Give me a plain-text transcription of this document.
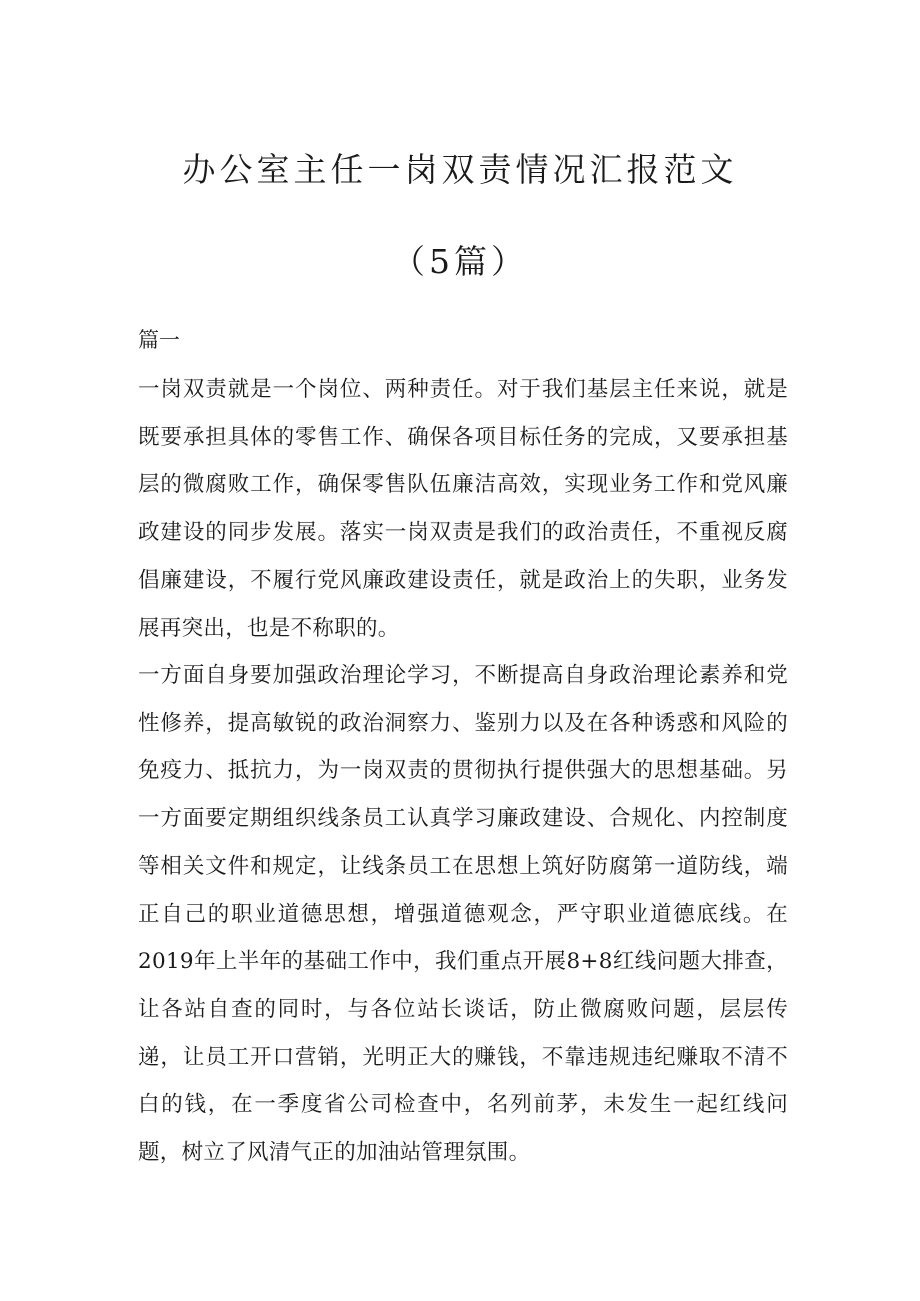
办公室主任一岗双责情况汇报范文
（5篇）

篇一

一岗双责就是一个岗位、两种责任。对于我们基层主任来说，就是既要承担具体的零售工作、确保各项目标任务的完成，又要承担基层的微腐败工作，确保零售队伍廉洁高效，实现业务工作和党风廉政建设的同步发展。落实一岗双责是我们的政治责任，不重视反腐倡廉建设，不履行党风廉政建设责任，就是政治上的失职，业务发展再突出，也是不称职的。

一方面自身要加强政治理论学习，不断提高自身政治理论素养和党性修养，提高敏锐的政治洞察力、鉴别力以及在各种诱惑和风险的免疫力、抵抗力，为一岗双责的贯彻执行提供强大的思想基础。另一方面要定期组织线条员工认真学习廉政建设、合规化、内控制度等相关文件和规定，让线条员工在思想上筑好防腐第一道防线，端正自己的职业道德思想，增强道德观念，严守职业道德底线。在2019年上半年的基础工作中，我们重点开展8+8红线问题大排查，让各站自查的同时，与各位站长谈话，防止微腐败问题，层层传递，让员工开口营销，光明正大的赚钱，不靠违规违纪赚取不清不白的钱，在一季度省公司检查中，名列前茅，未发生一起红线问题，树立了风清气正的加油站管理氛围。
